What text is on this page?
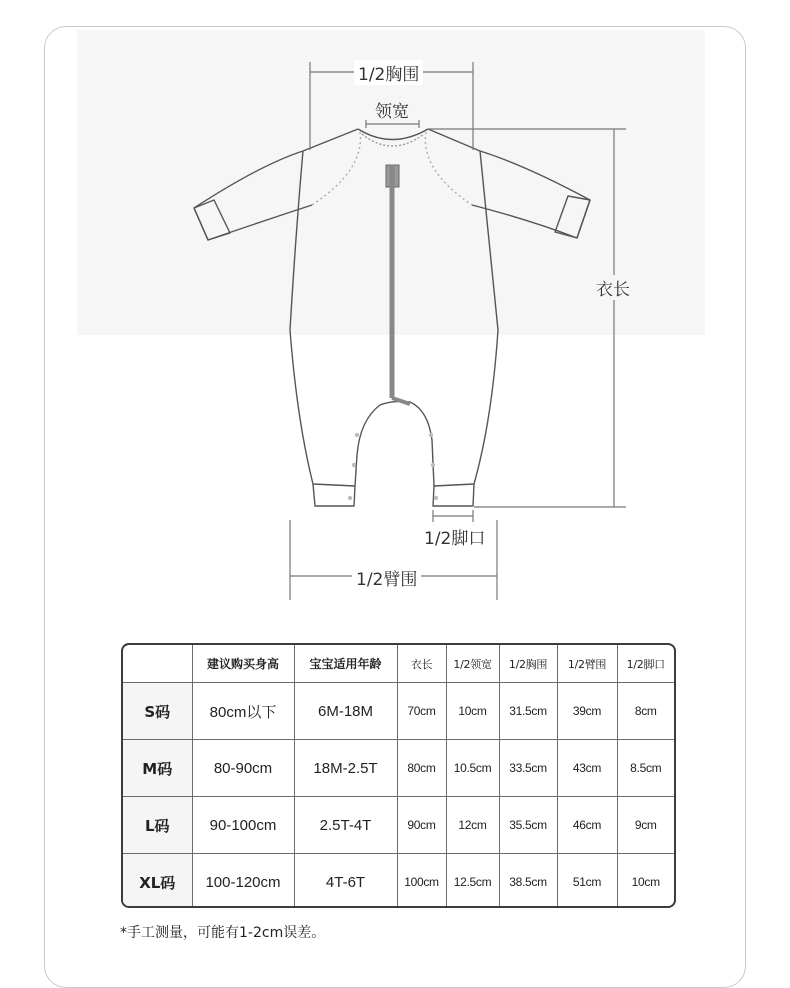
1/2胸围
领宽
衣长
1/2脚口
1/2臂围
	建议购买身高	宝宝适用年龄	衣长	1/2领宽	1/2胸围	1/2臂围	1/2脚口
S码	80cm以下	6M-18M	70cm	10cm	31.5cm	39cm	8cm
M码	80-90cm	18M-2.5T	80cm	10.5cm	33.5cm	43cm	8.5cm
L码	90-100cm	2.5T-4T	90cm	12cm	35.5cm	46cm	9cm
XL码	100-120cm	4T-6T	100cm	12.5cm	38.5cm	51cm	10cm
*手工测量，可能有1-2cm误差。
